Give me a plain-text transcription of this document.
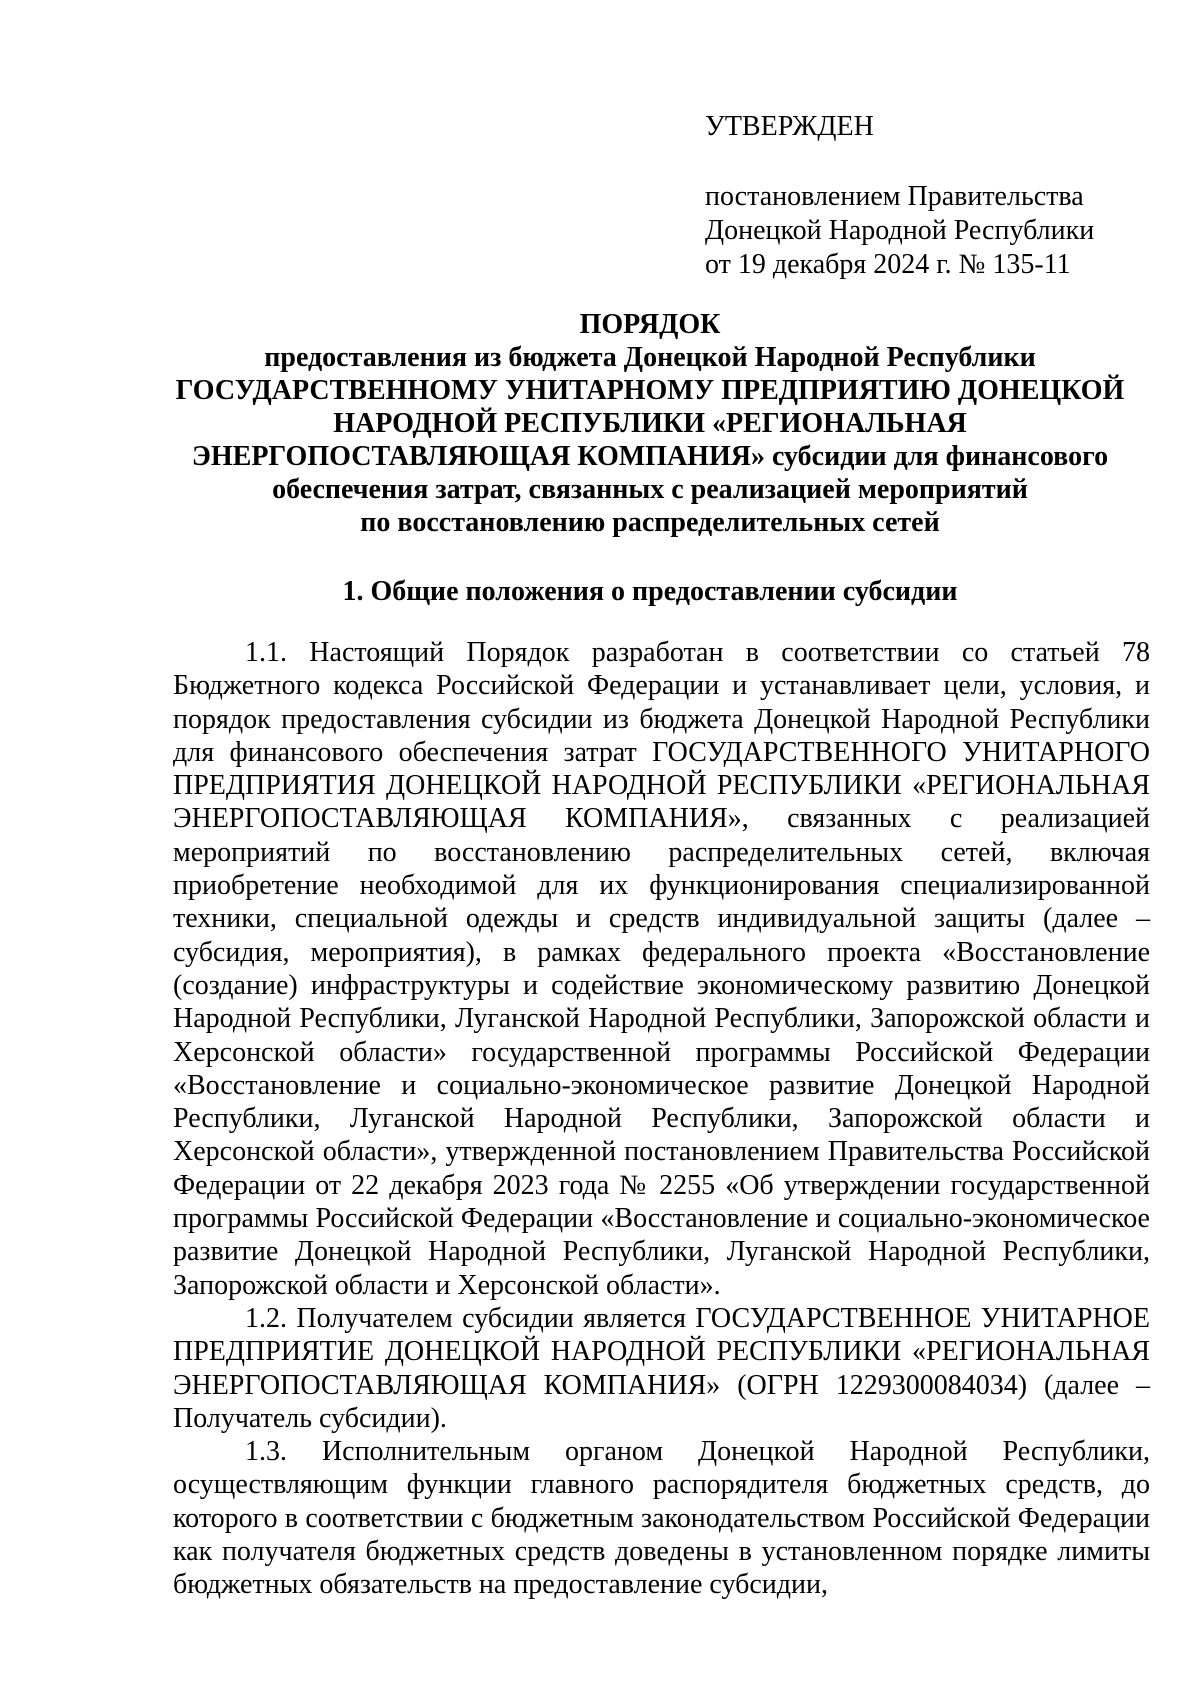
УТВЕРЖДЕН
постановлением Правительства
Донецкой Народной Республики
от 19 декабря 2024 г. № 135-11
ПОРЯДОК
предоставления из бюджета Донецкой Народной Республики
ГОСУДАРСТВЕННОМУ УНИТАРНОМУ ПРЕДПРИЯТИЮ ДОНЕЦКОЙ
НАРОДНОЙ РЕСПУБЛИКИ «РЕГИОНАЛЬНАЯ
ЭНЕРГОПОСТАВЛЯЮЩАЯ КОМПАНИЯ» субсидии для финансового
обеспечения затрат, связанных с реализацией мероприятий
по восстановлению распределительных сетей
1. Общие положения о предоставлении субсидии

1.1. Настоящий Порядок разработан в соответствии со статьей 78 Бюджетного кодекса Российской Федерации и устанавливает цели, условия, и порядок предоставления субсидии из бюджета Донецкой Народной Республики для финансового обеспечения затрат ГОСУДАРСТВЕННОГО УНИТАРНОГО ПРЕДПРИЯТИЯ ДОНЕЦКОЙ НАРОДНОЙ РЕСПУБЛИКИ «РЕГИОНАЛЬНАЯ ЭНЕРГОПОСТАВЛЯЮЩАЯ КОМПАНИЯ», связанных с реализацией мероприятий по восстановлению распределительных сетей, включая приобретение необходимой для их функционирования специализированной техники, специальной одежды и средств индивидуальной защиты (далее – субсидия, мероприятия), в рамках федерального проекта «Восстановление (создание) инфраструктуры и содействие экономическому развитию Донецкой Народной Республики, Луганской Народной Республики, Запорожской области и Херсонской области» государственной программы Российской Федерации «Восстановление и социально-экономическое развитие Донецкой Народной Республики, Луганской Народной Республики, Запорожской области и Херсонской области», утвержденной постановлением Правительства Российской Федерации от 22 декабря 2023 года № 2255 «Об утверждении государственной программы Российской Федерации «Восстановление и социально-экономическое развитие Донецкой Народной Республики, Луганской Народной Республики, Запорожской области и Херсонской области».

1.2. Получателем субсидии является ГОСУДАРСТВЕННОЕ УНИТАРНОЕ ПРЕДПРИЯТИЕ ДОНЕЦКОЙ НАРОДНОЙ РЕСПУБЛИКИ «РЕГИОНАЛЬНАЯ ЭНЕРГОПОСТАВЛЯЮЩАЯ КОМПАНИЯ» (ОГРН 1229300084034) (далее – Получатель субсидии).

1.3. Исполнительным органом Донецкой Народной Республики, осуществляющим функции главного распорядителя бюджетных средств, до которого в соответствии с бюджетным законодательством Российской Федерации как получателя бюджетных средств доведены в установленном порядке лимиты бюджетных обязательств на предоставление субсидии,
